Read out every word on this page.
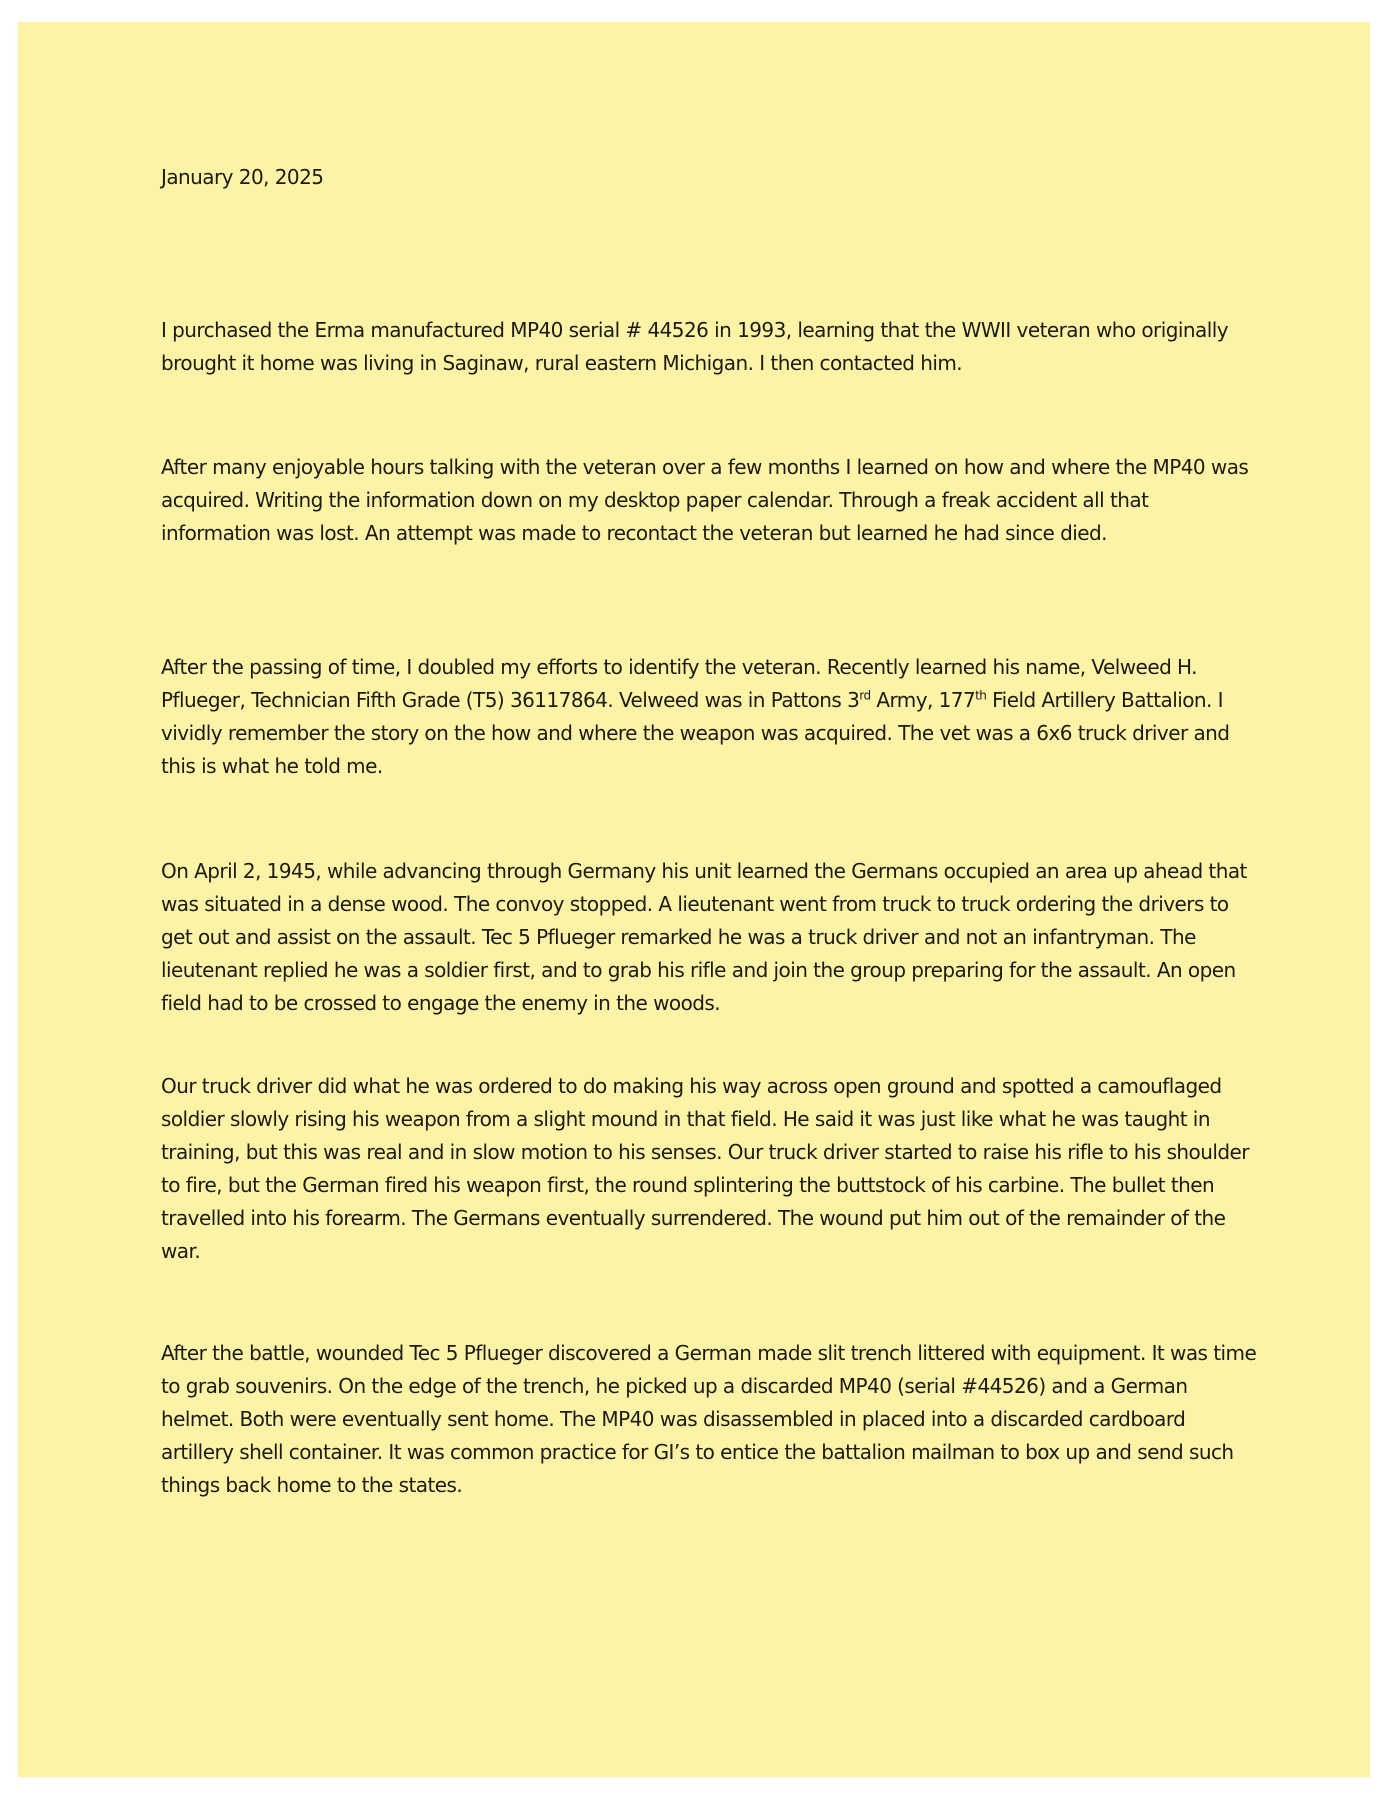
January 20, 2025

I purchased the Erma manufactured MP40 serial # 44526 in 1993, learning that the WWII veteran who originally brought it home was living in Saginaw, rural eastern Michigan. I then contacted him.

After many enjoyable hours talking with the veteran over a few months I learned on how and where the MP40 was acquired. Writing the information down on my desktop paper calendar. Through a freak accident all that information was lost. An attempt was made to recontact the veteran but learned he had since died.

After the passing of time, I doubled my efforts to identify the veteran. Recently learned his name, Velweed H. Pflueger, Technician Fifth Grade (T5) 36117864. Velweed was in Pattons 3rd Army, 177th Field Artillery Battalion. I vividly remember the story on the how and where the weapon was acquired. The vet was a 6x6 truck driver and this is what he told me.

On April 2, 1945, while advancing through Germany his unit learned the Germans occupied an area up ahead that was situated in a dense wood. The convoy stopped. A lieutenant went from truck to truck ordering the drivers to get out and assist on the assault. Tec 5 Pflueger remarked he was a truck driver and not an infantryman. The lieutenant replied he was a soldier first, and to grab his rifle and join the group preparing for the assault. An open field had to be crossed to engage the enemy in the woods.

Our truck driver did what he was ordered to do making his way across open ground and spotted a camouflaged soldier slowly rising his weapon from a slight mound in that field. He said it was just like what he was taught in training, but this was real and in slow motion to his senses. Our truck driver started to raise his rifle to his shoulder to fire, but the German fired his weapon first, the round splintering the buttstock of his carbine. The bullet then travelled into his forearm. The Germans eventually surrendered. The wound put him out of the remainder of the war.

After the battle, wounded Tec 5 Pflueger discovered a German made slit trench littered with equipment. It was time to grab souvenirs. On the edge of the trench, he picked up a discarded MP40 (serial #44526) and a German helmet. Both were eventually sent home. The MP40 was disassembled in placed into a discarded cardboard artillery shell container. It was common practice for GI’s to entice the battalion mailman to box up and send such things back home to the states.
